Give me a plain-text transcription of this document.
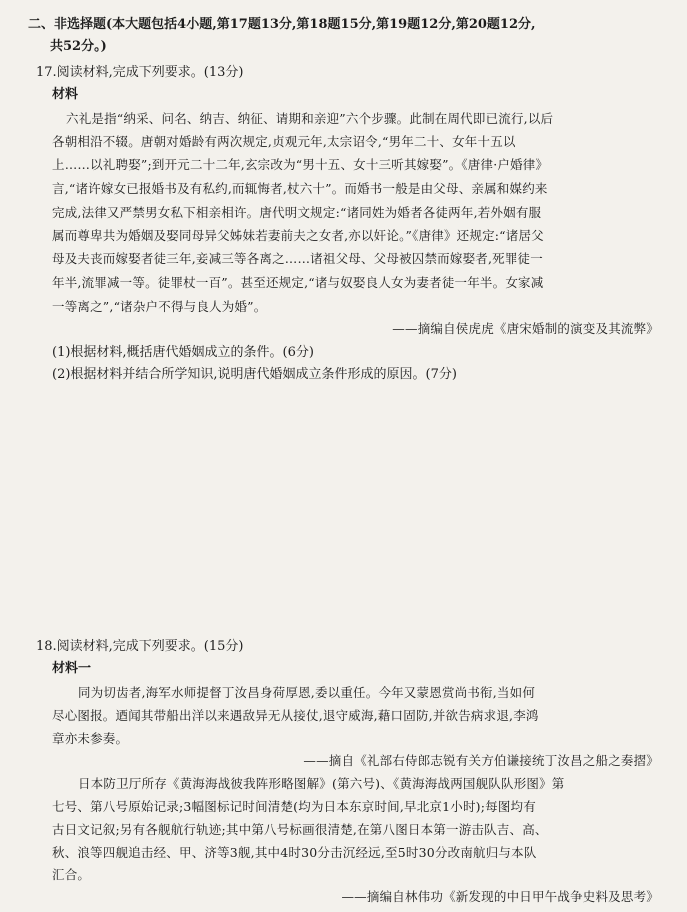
二、非选择题(本大题包括4小题,第17题13分,第18题15分,第19题12分,第20题12分,
共52分。)
17.阅读材料,完成下列要求。(13分)
材料
六礼是指“纳采、问名、纳吉、纳征、请期和亲迎”六个步骤。此制在周代即已流行,以后
各朝相沿不辍。唐朝对婚龄有两次规定,贞观元年,太宗诏令,“男年二十、女年十五以
上……以礼聘娶”;到开元二十二年,玄宗改为“男十五、女十三听其嫁娶”。《唐律·户婚律》
言,“诸许嫁女已报婚书及有私约,而辄悔者,杖六十”。而婚书一般是由父母、亲属和媒约来
完成,法律又严禁男女私下相亲相许。唐代明文规定:“诸同姓为婚者各徒两年,若外姻有服
属而尊卑共为婚姻及娶同母异父姊妹若妻前夫之女者,亦以奸论。”《唐律》还规定:“诸居父
母及夫丧而嫁娶者徒三年,妾减三等各离之……诸祖父母、父母被囚禁而嫁娶者,死罪徒一
年半,流罪减一等。徒罪杖一百”。甚至还规定,“诸与奴娶良人女为妻者徒一年半。女家减
一等离之”,“诸杂户不得与良人为婚”。
——摘编自侯虎虎《唐宋婚制的演变及其流弊》
(1)根据材料,概括唐代婚姻成立的条件。(6分)
(2)根据材料并结合所学知识,说明唐代婚姻成立条件形成的原因。(7分)
18.阅读材料,完成下列要求。(15分)
材料一
同为切齿者,海军水师提督丁汝昌身荷厚恩,委以重任。今年又蒙恩赏尚书衔,当如何
尽心图报。迺闻其带船出洋以来遇敌异无从接仗,退守威海,藉口固防,并欲告病求退,李鸿
章亦未参奏。
——摘自《礼部右侍郎志锐有关方伯谦接统丁汝昌之船之奏摺》
日本防卫厅所存《黄海海战彼我阵形略图解》(第六号)、《黄海海战两国舰队队形图》第
七号、第八号原始记录;3幅图标记时间清楚(均为日本东京时间,早北京1小时);每图均有
古日文记叙;另有各舰航行轨迹;其中第八号标画很清楚,在第八图日本第一游击队吉、高、
秋、浪等四舰追击经、甲、济等3舰,其中4时30分击沉经远,至5时30分改南航归与本队
汇合。
——摘编自林伟功《新发现的中日甲午战争史料及思考》
